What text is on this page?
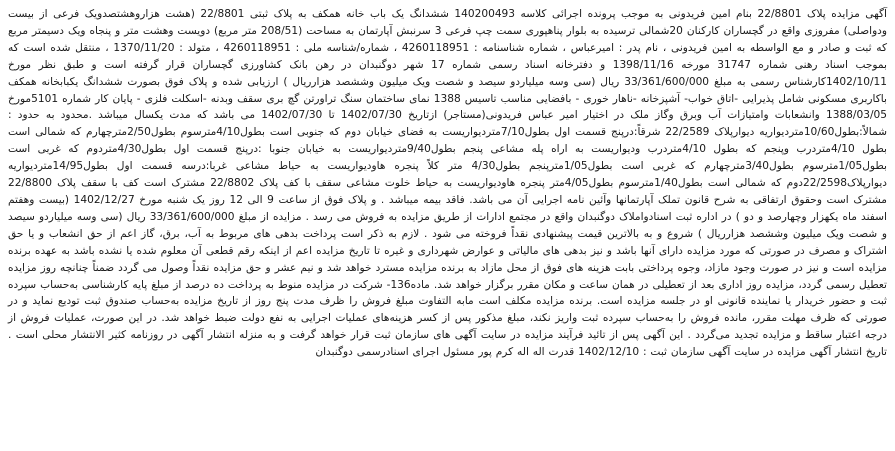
آگهی مزایده پلاک 22/8801 بنام امین فریدونی به موجب پرونده اجرائی کلاسه 140200493 ششدانگ یک باب خانه همکف به پلاک ثبتی 22/8801 (هشت هزاروهشتصدویک فرعی از بیست ودواصلی) مفروزی واقع در گچساران کارکنان 20شمالی ترسیده به بلوار پناهپوری سمت چپ فرعی 3 سرنبش آپارتمان به مساحت (208/51 متر مربع) دویست وهشت متر و پنجاه ویک دسیمتر مربع که ثبت و صادر و مع الواسطه به امین فریدونی ، نام پدر : امیرعباس ، شماره شناسنامه : 4260118951 ، شماره/شناسه ملی : 4260118951 ، متولد : 1370/11/20 ، منتقل شده است که بموجب اسناد رهنی شماره 31747 مورخه 1398/11/16 و دفترخانه اسناد رسمی شماره 17 شهر دوگنبدان در رهن بانک کشاورزی گچساران قرار گرفته است و طبق نظر مورخ 1402/10/11کارشناس رسمی به مبلغ 33/361/600/000 ریال (سی وسه میلیاردو سیصد و شصت ویک میلیون وششصد هزارریال ) ارزیابی شده و پلاک فوق بصورت ششدانگ یکبابخانه همکف باکاربری مسکونی شامل پذیرایی -اتاق خواب- آشپزخانه -ناهار خوری - بافضایی مناسب تاسیس 1388 نمای ساختمان سنگ تراورتن گچ بری سقف وبدنه -اسکلت فلزی - پایان کار شماره 5101مورخ 1388/03/05 وانشعابات وامتیازات آب وبرق وگاز ملک در اختیار امیر عباس فریدونی(مستاجر) ازتاریخ 1402/07/30 تا 1402/07/30 می باشد که مدت یکسال میباشد .محدود به حدود : شمالاً:بطول10/60متردیواریه دیوارپلاک 22/2589 شرقاً:درپنج قسمت اول بطول7/10متردیواریست به فضای خیابان دوم که جنوبی است بطول4/10مترسوم بطول2/50مترچهارم که شمالی است بطول 4/10متردرب وپنجم که بطول 4/10متردرب ودیواریست به اراه پله مشاعی پنجم بطول9/40متردیواریست به خیابان جنوبا :درپنج قسمت اول بطول4/30متردوم که غربی است بطول1/05مترسوم بطول3/40مترچهارم که غربی است بطول1/05مترپنجم بطول4/30 متر کلاً پنجره هاودیواریست به حیاط مشاعی غربا:درسه قسمت اول بطول14/95متردیواریه دیوارپلاک22/2598دوم که شمالی است بطول1/40مترسوم بطول4/05متر پنجره هاودیواریست به حیاط خلوت مشاعی سقف با کف پلاک 22/8802 مشترک است کف با سقف پلاک 22/8800 مشترک است وحقوق ارتفاقی به شرح قانون تملک آپارتمانها وآئین نامه اجرایی آن می باشد. فاقد بیمه میباشد . و پلاک فوق از ساعت 9 الی 12 روز یک شنبه مورخ 1402/12/27 (بیست وهفتم اسفند ماه یکهزار وچهارصد و دو ) در اداره ثبت اسنادواملاک دوگنبدان واقع در مجتمع ادارات از طریق مزایده به فروش می رسد . مزایده از مبلغ 33/361/600/000 ریال (سی وسه میلیاردو سیصد و شصت ویک میلیون وششصد هزارریال ) شروع و به بالاترین قیمت پیشنهادی نقداً فروخته می شود . لازم به ذکر است پرداخت بدهی های مربوط به آب، برق، گاز اعم از حق انشعاب و یا حق اشتراک و مصرف در صورتی که مورد مزایده دارای آنها باشد و نیز بدهی های مالیاتی و عوارض شهرداری و غیره تا تاریخ مزایده اعم از اینکه رقم قطعی آن معلوم شده یا نشده باشد به عهده برنده مزایده است و نیز در صورت وجود مازاد، وجوه پرداختی بابت هزینه های فوق از محل مازاد به برنده مزایده مسترد خواهد شد و نیم عشر و حق مزایده نقداً وصول می گردد ضمناً چنانچه روز مزایده تعطیل رسمی گردد، مزایده روز اداری بعد از تعطیلی در همان ساعت و مکان مقرر برگزار خواهد شد. ماده136- شرکت در مزایده منوط به پرداخت ده درصد از مبلغ پایه کارشناسی به‌حساب سپرده ثبت و حضور خریدار یا نماینده قانونی او در جلسه مزایده است. برنده مزایده مکلف است مابه التفاوت مبلغ فروش را ظرف مدت پنج روز از تاریخ مزایده به‌حساب صندوق ثبت تودیع نماید و در صورتی که ظرف مهلت مقرر، مانده فروش را به‌حساب سپرده ثبت واریز نکند، مبلغ مذکور پس از کسر هزینه‌های عملیات اجرایی به نفع دولت ضبط خواهد شد. در این صورت، عملیات فروش از درجه اعتبار ساقط و مزایده تجدید می‌گردد . این آگهی پس از تائید فرآیند مزایده در سایت آگهی های سازمان ثبت قرار خواهد گرفت و به منزله انتشار آگهی در روزنامه کثیر الانتشار محلی است . تاریخ انتشار آگهی مزایده در سایت آگهی سازمان ثبت : 1402/12/10 قدرت اله اله کرم پور مسئول اجرای اسنادرسمی دوگنبدان
